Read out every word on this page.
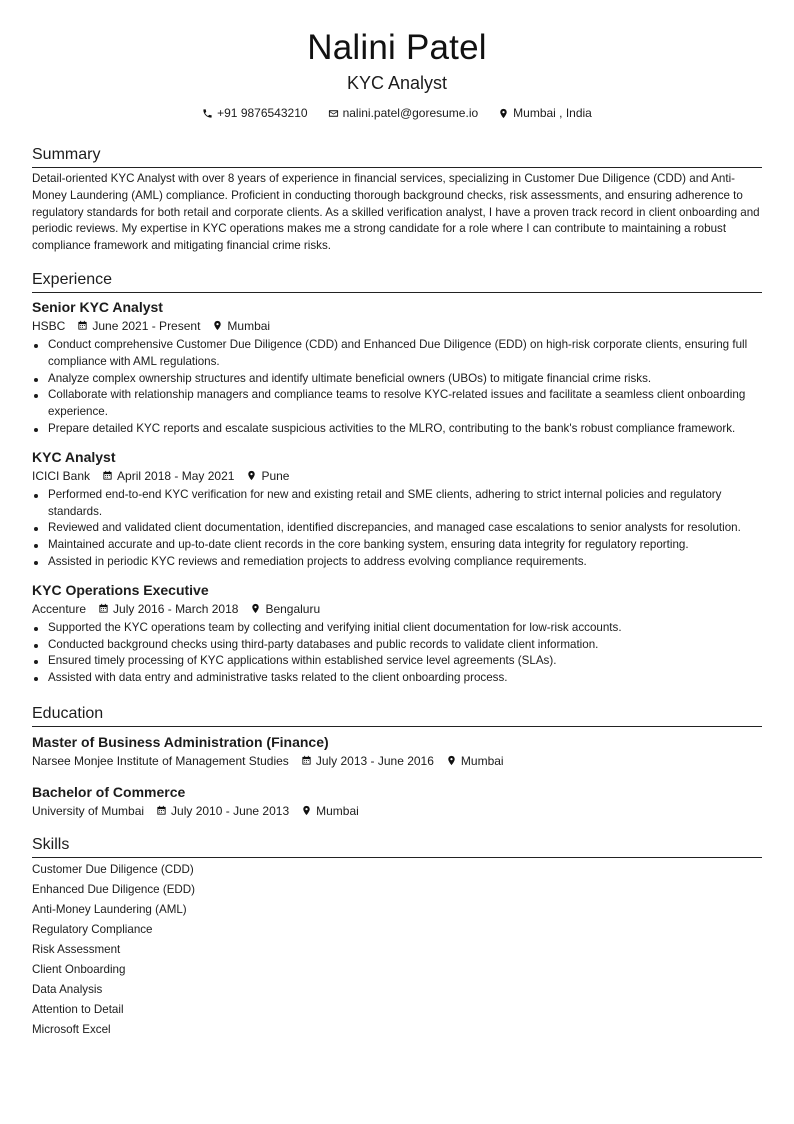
Nalini Patel
KYC Analyst
+91 9876543210	nalini.patel@goresume.io	Mumbai , India
Summary

Detail-oriented KYC Analyst with over 8 years of experience in financial services, specializing in Customer Due Diligence (CDD) and Anti-Money Laundering (AML) compliance. Proficient in conducting thorough background checks, risk assessments, and ensuring adherence to regulatory standards for both retail and corporate clients. As a skilled verification analyst, I have a proven track record in client onboarding and periodic reviews. My expertise in KYC operations makes me a strong candidate for a role where I can contribute to maintaining a robust compliance framework and mitigating financial crime risks.

Experience
Senior KYC Analyst
HSBC June 2021 - Present Mumbai
Conduct comprehensive Customer Due Diligence (CDD) and Enhanced Due Diligence (EDD) on high-risk corporate clients, ensuring full compliance with AML regulations.
Analyze complex ownership structures and identify ultimate beneficial owners (UBOs) to mitigate financial crime risks.
Collaborate with relationship managers and compliance teams to resolve KYC-related issues and facilitate a seamless client onboarding experience.
Prepare detailed KYC reports and escalate suspicious activities to the MLRO, contributing to the bank's robust compliance framework.
KYC Analyst
ICICI Bank April 2018 - May 2021 Pune
Performed end-to-end KYC verification for new and existing retail and SME clients, adhering to strict internal policies and regulatory standards.
Reviewed and validated client documentation, identified discrepancies, and managed case escalations to senior analysts for resolution.
Maintained accurate and up-to-date client records in the core banking system, ensuring data integrity for regulatory reporting.
Assisted in periodic KYC reviews and remediation projects to address evolving compliance requirements.
KYC Operations Executive
Accenture July 2016 - March 2018 Bengaluru
Supported the KYC operations team by collecting and verifying initial client documentation for low-risk accounts.
Conducted background checks using third-party databases and public records to validate client information.
Ensured timely processing of KYC applications within established service level agreements (SLAs).
Assisted with data entry and administrative tasks related to the client onboarding process.
Education
Master of Business Administration (Finance)
Narsee Monjee Institute of Management Studies July 2013 - June 2016 Mumbai
Bachelor of Commerce
University of Mumbai July 2010 - June 2013 Mumbai
Skills
Customer Due Diligence (CDD)
Enhanced Due Diligence (EDD)
Anti-Money Laundering (AML)
Regulatory Compliance
Risk Assessment
Client Onboarding
Data Analysis
Attention to Detail
Microsoft Excel
